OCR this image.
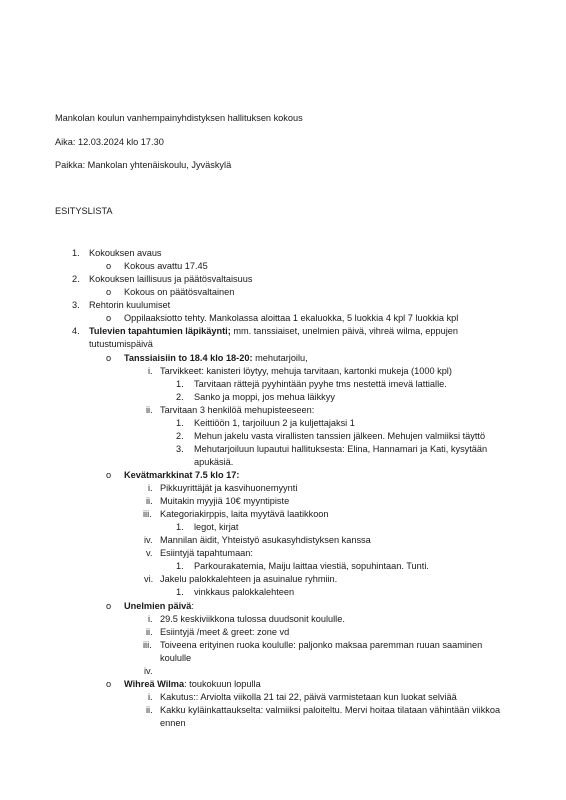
Mankolan koulun vanhempainyhdistyksen hallituksen kokous
Aika: 12.03.2024 klo 17.30
Paikka: Mankolan yhtenäiskoulu, Jyväskylä
ESITYSLISTA
1. Kokouksen avaus
o Kokous avattu 17.45
2. Kokouksen laillisuus ja päätösvaltaisuus
o Kokous on päätösvaltainen
3. Rehtorin kuulumiset
o Oppilaaksiotto tehty. Mankolassa aloittaa 1 ekaluokka, 5 luokkia 4 kpl 7 luokkia kpl
4. Tulevien tapahtumien läpikäynti; mm. tanssiaiset, unelmien päivä, vihreä wilma, eppujen
tutustumispäivä
o Tanssiaisiin to 18.4 klo 18-20: mehutarjoilu,
i. Tarvikkeet: kanisteri löytyy, mehuja tarvitaan, kartonki mukeja (1000 kpl)
1. Tarvitaan rättejä pyyhintään pyyhe tms nestettä imevä lattialle.
2. Sanko ja moppi, jos mehua läikkyy
ii. Tarvitaan 3 henkilöä mehupisteeseen:
1. Keittiöön 1, tarjoiluun 2 ja kuljettajaksi 1
2. Mehun jakelu vasta virallisten tanssien jälkeen. Mehujen valmiiksi täyttö
3. Mehutarjoiluun lupautui hallituksesta: Elina, Hannamari ja Kati, kysytään
apukäsiä.
o Kevätmarkkinat 7.5 klo 17:
i. Pikkuyrittäjät ja kasvihuonemyynti
ii. Muitakin myyjiä 10€ myyntipiste
iii. Kategoriakirppis, laita myytävä laatikkoon
1. legot, kirjat
iv. Mannilan äidit, Yhteistyö asukasyhdistyksen kanssa
v. Esiintyjä tapahtumaan:
1. Parkourakatemia, Maiju laittaa viestiä, sopuhintaan. Tunti.
vi. Jakelu palokkalehteen ja asuinalue ryhmiin.
1. vinkkaus palokkalehteen
o Unelmien päivä:
i. 29.5 keskiviikkona tulossa duudsonit koululle.
ii. Esiintyjä /meet & greet: zone vd
iii. Toiveena erityinen ruoka koululle: paljonko maksaa paremman ruuan saaminen
koululle
iv.
o Wihreä Wilma: toukokuun lopulla
i. Kakutus:: Arviolta viikolla 21 tai 22, päivä varmistetaan kun luokat selviää
ii. Kakku kyläinkattaukselta: valmiiksi paloiteltu. Mervi hoitaa tilataan vähintään viikkoa
ennen
